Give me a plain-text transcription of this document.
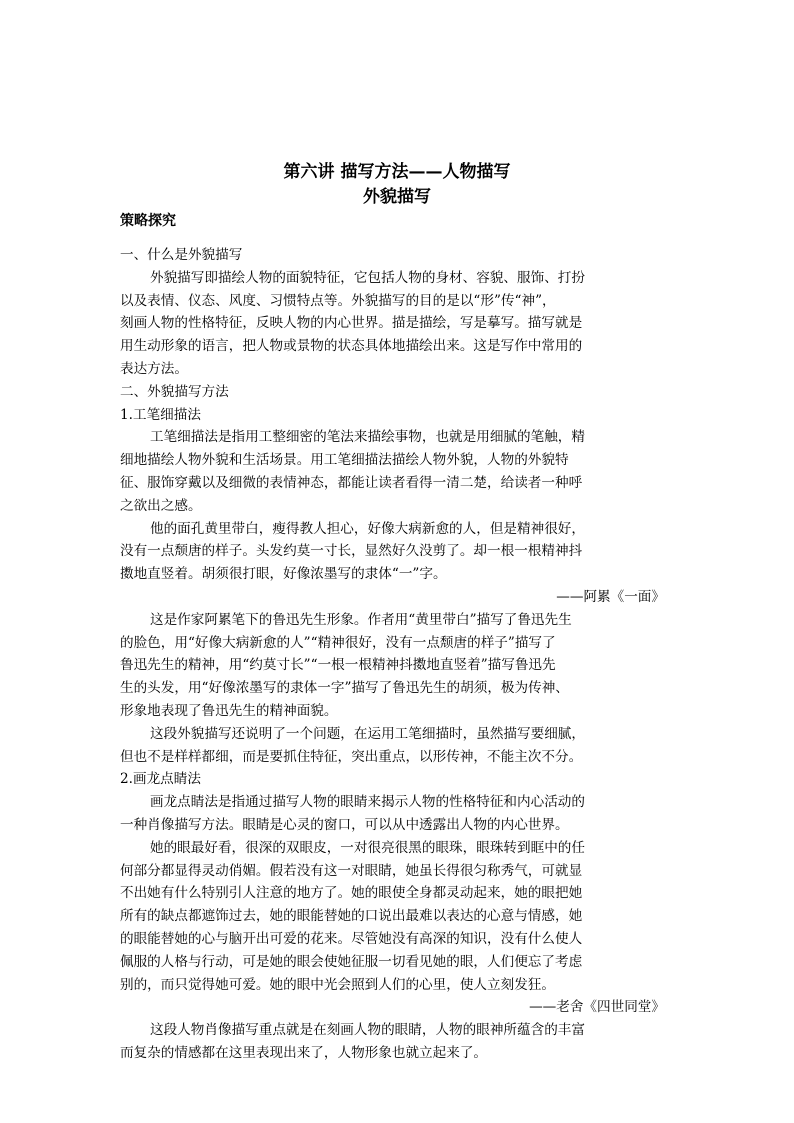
第六讲 描写方法——人物描写
外貌描写
策略探究
一、什么是外貌描写
外貌描写即描绘人物的面貌特征，它包括人物的身材、容貌、服饰、打扮
以及表情、仪态、风度、习惯特点等。外貌描写的目的是以“形”传“神”，
刻画人物的性格特征，反映人物的内心世界。描是描绘，写是摹写。描写就是
用生动形象的语言，把人物或景物的状态具体地描绘出来。这是写作中常用的
表达方法。
二、外貌描写方法
1.工笔细描法
工笔细描法是指用工整细密的笔法来描绘事物，也就是用细腻的笔触，精
细地描绘人物外貌和生活场景。用工笔细描法描绘人物外貌，人物的外貌特
征、服饰穿戴以及细微的表情神态，都能让读者看得一清二楚，给读者一种呼
之欲出之感。
他的面孔黄里带白，瘦得教人担心，好像大病新愈的人，但是精神很好，
没有一点颓唐的样子。头发约莫一寸长，显然好久没剪了。却一根一根精神抖
擞地直竖着。胡须很打眼，好像浓墨写的隶体“一”字。
——阿累《一面》
这是作家阿累笔下的鲁迅先生形象。作者用“黄里带白”描写了鲁迅先生
的脸色，用“好像大病新愈的人”“精神很好，没有一点颓唐的样子”描写了
鲁迅先生的精神，用“约莫寸长”“一根一根精神抖擞地直竖着”描写鲁迅先
生的头发，用“好像浓墨写的隶体一字”描写了鲁迅先生的胡须，极为传神、
形象地表现了鲁迅先生的精神面貌。
这段外貌描写还说明了一个问题，在运用工笔细描时，虽然描写要细腻，
但也不是样样都细，而是要抓住特征，突出重点，以形传神，不能主次不分。
2.画龙点睛法
画龙点睛法是指通过描写人物的眼睛来揭示人物的性格特征和内心活动的
一种肖像描写方法。眼睛是心灵的窗口，可以从中透露出人物的内心世界。
她的眼最好看，很深的双眼皮，一对很亮很黑的眼珠，眼珠转到眶中的任
何部分都显得灵动俏媚。假若没有这一对眼睛，她虽长得很匀称秀气，可就显
不出她有什么特别引人注意的地方了。她的眼使全身都灵动起来，她的眼把她
所有的缺点都遮饰过去，她的眼能替她的口说出最难以表达的心意与情感，她
的眼能替她的心与脑开出可爱的花来。尽管她没有高深的知识，没有什么使人
佩服的人格与行动，可是她的眼会使她征服一切看见她的眼，人们便忘了考虑
别的，而只觉得她可爱。她的眼中光会照到人们的心里，使人立刻发狂。
——老舍《四世同堂》
这段人物肖像描写重点就是在刻画人物的眼睛，人物的眼神所蕴含的丰富
而复杂的情感都在这里表现出来了，人物形象也就立起来了。
